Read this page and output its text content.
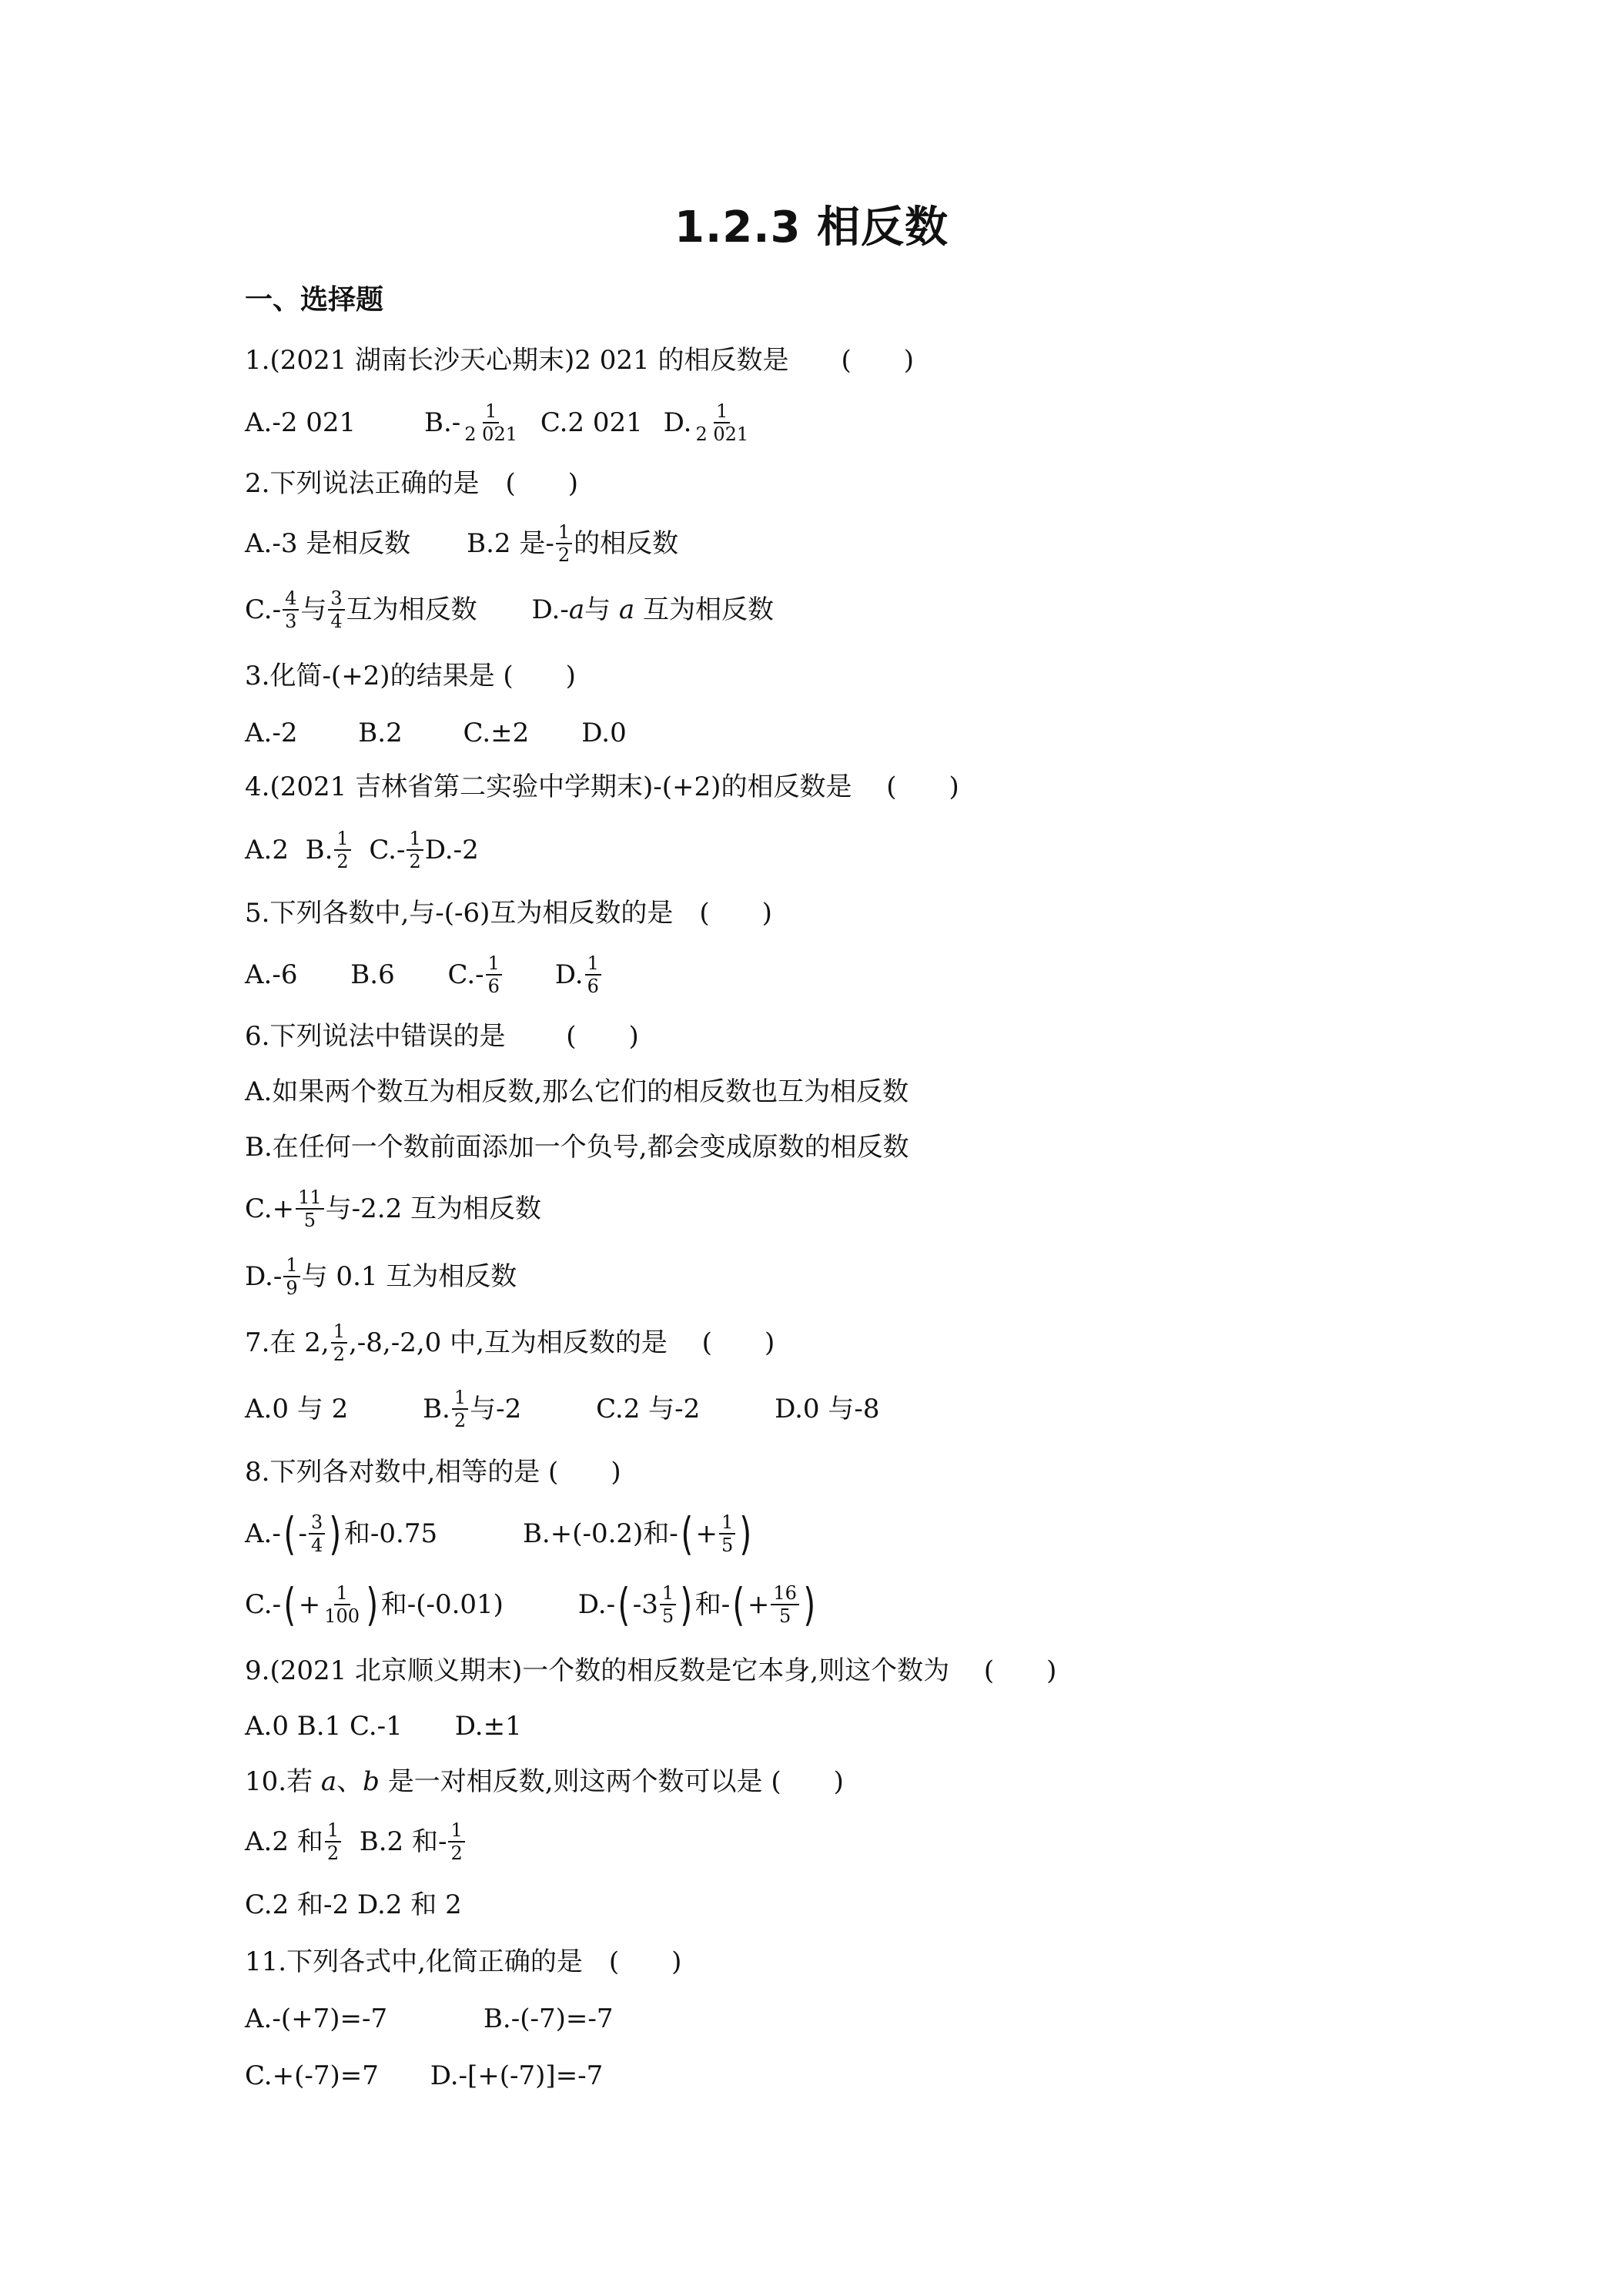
1.2.3 相反数
一、选择题
1.(2021 湖南长沙天心期末)2 021 的相反数是　　(　　)
A.-2 021	$B.- \frac{1}{2 021} C.2$ 021 D. $\frac{1}{2 021}$
2.下列说法正确的是　(　　)
A.-3 是相反数 B.2 是- $\frac{1}{2}$ 的相反数
$C.- \frac{4}{3}$ 与 $\frac{3}{4}$ 互为相反数 D.-a与 a 互为相反数
3.化简-(+2)的结果是 (　　)
A.-2　　 B.2　　 C.±2　　D.0
4.(2021 吉林省第二实验中学期末)-(+2)的相反数是　 (　　)
A.2 B. $\frac{1}{2} C.- \frac{1}{2} D.-2$
5.下列各数中,与-(-6)互为相反数的是　(　　)
A.-6 B.6 $C.- \frac{1}{6} D$. $\frac{1}{6}$
6.下列说法中错误的是　　 (　　)
A.如果两个数互为相反数,那么它们的相反数也互为相反数
B.在任何一个数前面添加一个负号,都会变成原数的相反数
$C.+ \frac{11}{5}$ 与-2.2 互为相反数
$D.- \frac{1}{9}$ 与 0.1 互为相反数
7.在 2, $\frac{1}{2} ,-8,-2,0$ 中,互为相反数的是　 (　　)
A.0 与 2	B. $\frac{1}{2}$ 与-2	C.2 与-2	D.0 与-8
8.下列各对数中,相等的是 (　　)
$A.-(- \frac{3}{4}$ )和-0.75	B.+(-0.2)和-(+ $\frac{1}{5}$ )
$C.-(+ \frac{1}{100}$ )和-(-0.01)	D.-( $-3 \frac{1}{5}$ )和-(+ $\frac{16}{5}$ )
9.(2021 北京顺义期末)一个数的相反数是它本身,则这个数为　 (　　)
A.0 B.1 C.-1　　D.±1
10.若 a、b 是一对相反数,则这两个数可以是 (　　)
A.2 和 $\frac{1}{2} B.2$ 和- $\frac{1}{2}$
C.2 和-2 D.2 和 2
11.下列各式中,化简正确的是　(　　)
A.-(+7)=-7	B.-(-7)=-7
C.+(-7)=7 D.-[+(-7)]=-7
